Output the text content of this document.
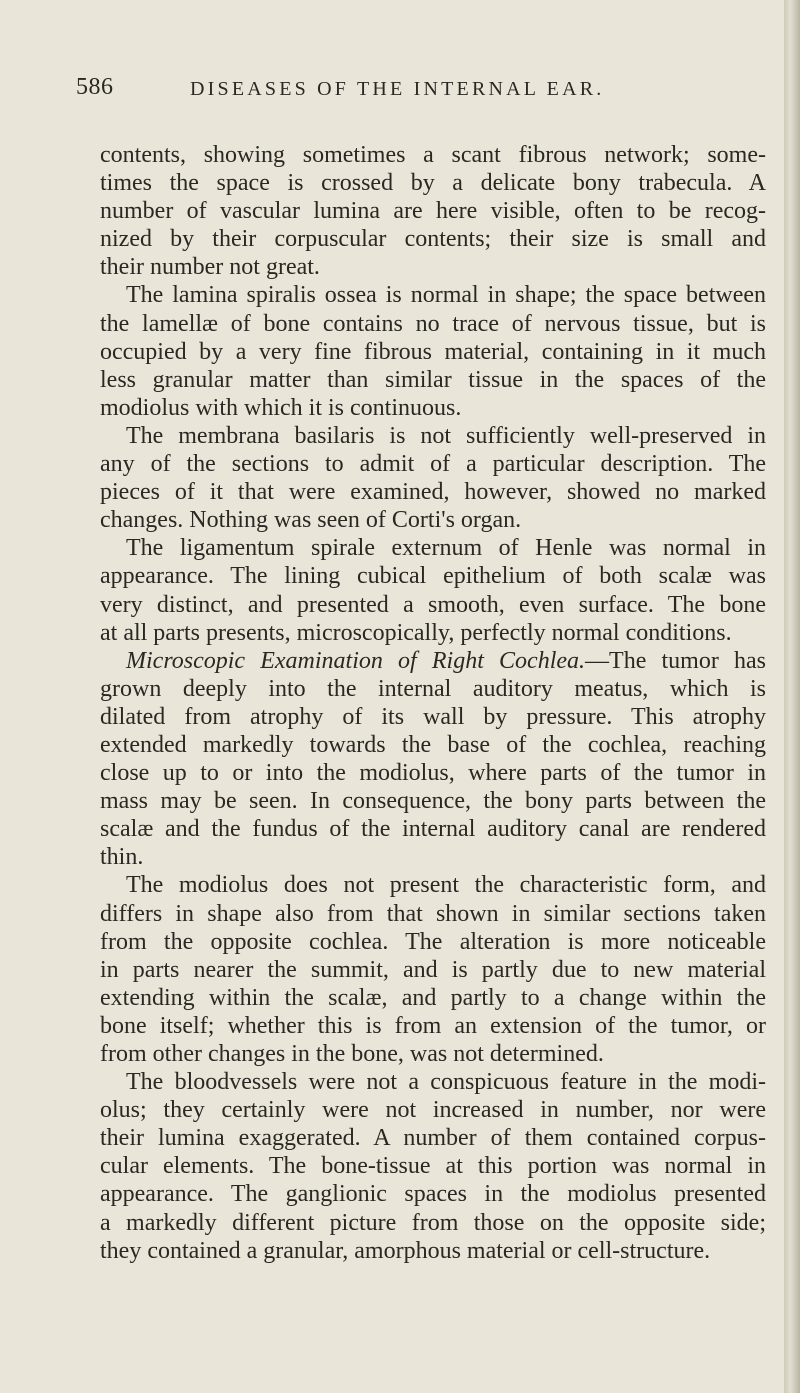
586	DISEASES OF THE INTERNAL EAR.
contents, showing sometimes a scant fibrous network; some-
times the space is crossed by a delicate bony trabecula. A
number of vascular lumina are here visible, often to be recog-
nized by their corpuscular contents; their size is small and
their number not great.
The lamina spiralis ossea is normal in shape; the space between
the lamellæ of bone contains no trace of nervous tissue, but is
occupied by a very fine fibrous material, containing in it much
less granular matter than similar tissue in the spaces of the
modiolus with which it is continuous.
The membrana basilaris is not sufficiently well-preserved in
any of the sections to admit of a particular description. The
pieces of it that were examined, however, showed no marked
changes. Nothing was seen of Corti's organ.
The ligamentum spirale externum of Henle was normal in
appearance. The lining cubical epithelium of both scalæ was
very distinct, and presented a smooth, even surface. The bone
at all parts presents, microscopically, perfectly normal conditions.
Microscopic Examination of Right Cochlea.—The tumor has
grown deeply into the internal auditory meatus, which is
dilated from atrophy of its wall by pressure. This atrophy
extended markedly towards the base of the cochlea, reaching
close up to or into the modiolus, where parts of the tumor in
mass may be seen. In consequence, the bony parts between the
scalæ and the fundus of the internal auditory canal are rendered
thin.
The modiolus does not present the characteristic form, and
differs in shape also from that shown in similar sections taken
from the opposite cochlea. The alteration is more noticeable
in parts nearer the summit, and is partly due to new material
extending within the scalæ, and partly to a change within the
bone itself; whether this is from an extension of the tumor, or
from other changes in the bone, was not determined.
The bloodvessels were not a conspicuous feature in the modi-
olus; they certainly were not increased in number, nor were
their lumina exaggerated. A number of them contained corpus-
cular elements. The bone-tissue at this portion was normal in
appearance. The ganglionic spaces in the modiolus presented
a markedly different picture from those on the opposite side;
they contained a granular, amorphous material or cell-structure.
